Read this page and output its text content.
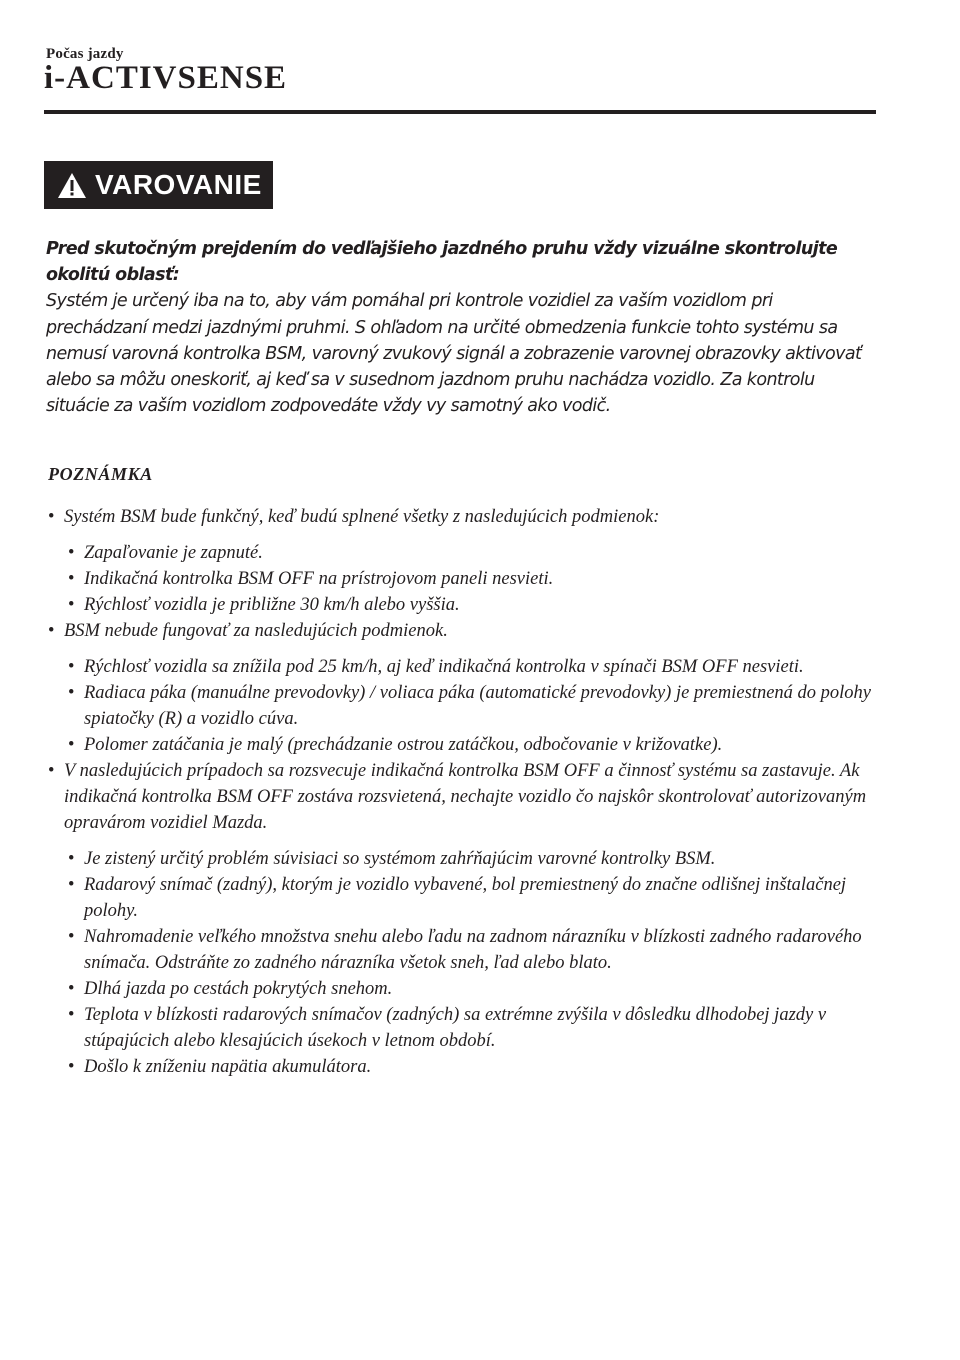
Počas jazdy
i-ACTIVSENSE
VAROVANIE

Pred skutočným prejdením do vedľajšieho jazdného pruhu vždy vizuálne skontrolujte okolitú oblasť:

Systém je určený iba na to, aby vám pomáhal pri kontrole vozidiel za vaším vozidlom pri prechádzaní medzi jazdnými pruhmi. S ohľadom na určité obmedzenia funkcie tohto systému sa nemusí varovná kontrolka BSM, varovný zvukový signál a zobrazenie varovnej obrazovky aktivovať alebo sa môžu oneskoriť, aj keď sa v susednom jazdnom pruhu nachádza vozidlo. Za kontrolu situácie za vaším vozidlom zodpovedáte vždy vy samotný ako vodič.

POZNÁMKA
• Systém BSM bude funkčný, keď budú splnené všetky z nasledujúcich podmienok:
• Zapaľovanie je zapnuté.
• Indikačná kontrolka BSM OFF na prístrojovom paneli nesvieti.
• Rýchlosť vozidla je približne 30 km/h alebo vyššia.
• BSM nebude fungovať za nasledujúcich podmienok.
• Rýchlosť vozidla sa znížila pod 25 km/h, aj keď indikačná kontrolka v spínači BSM OFF nesvieti.
• Radiaca páka (manuálne prevodovky) / voliaca páka (automatické prevodovky) je premiestnená do polohy spiatočky (R) a vozidlo cúva.
• Polomer zatáčania je malý (prechádzanie ostrou zatáčkou, odbočovanie v križovatke).
• V nasledujúcich prípadoch sa rozsvecuje indikačná kontrolka BSM OFF a činnosť systému sa zastavuje. Ak indikačná kontrolka BSM OFF zostáva rozsvietená, nechajte vozidlo čo najskôr skontrolovať autorizovaným opravárom vozidiel Mazda.
• Je zistený určitý problém súvisiaci so systémom zahŕňajúcim varovné kontrolky BSM.
• Radarový snímač (zadný), ktorým je vozidlo vybavené, bol premiestnený do značne odlišnej inštalačnej polohy.
• Nahromadenie veľkého množstva snehu alebo ľadu na zadnom nárazníku v blízkosti zadného radarového snímača. Odstráňte zo zadného nárazníka všetok sneh, ľad alebo blato.
• Dlhá jazda po cestách pokrytých snehom.
• Teplota v blízkosti radarových snímačov (zadných) sa extrémne zvýšila v dôsledku dlhodobej jazdy v stúpajúcich alebo klesajúcich úsekoch v letnom období.
• Došlo k zníženiu napätia akumulátora.
